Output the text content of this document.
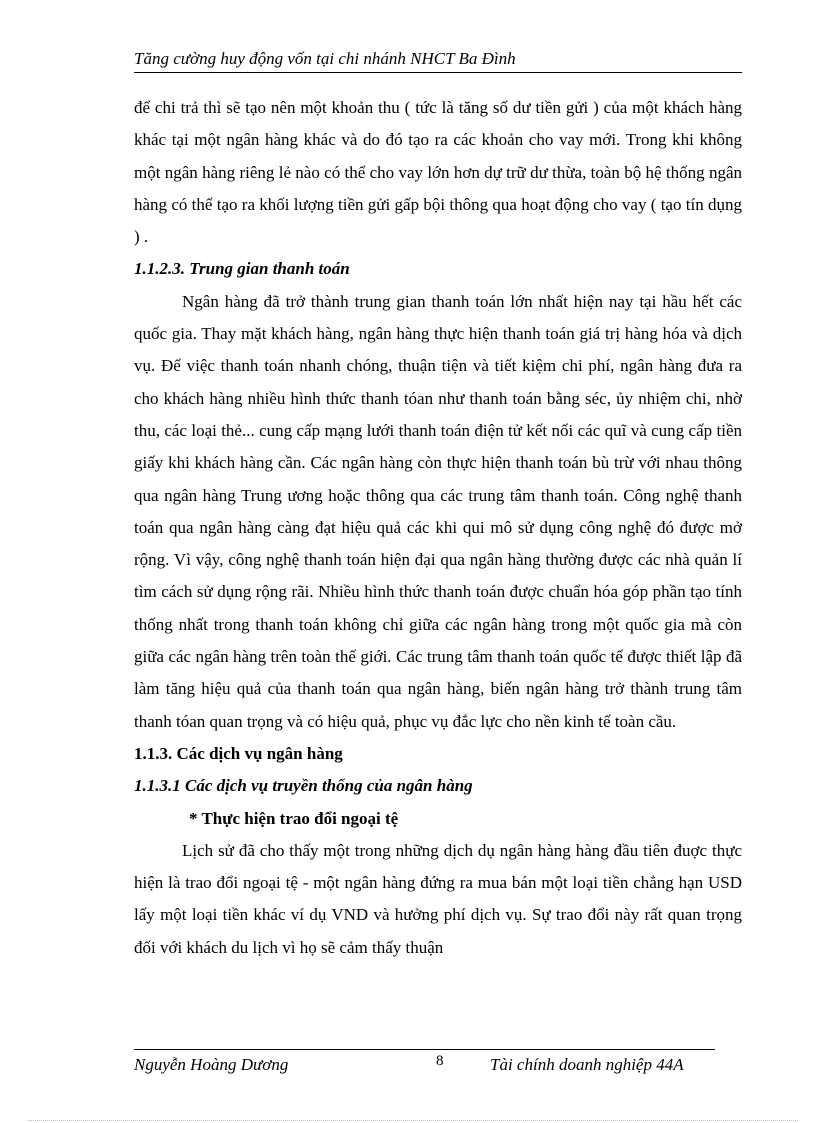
Tăng cường huy động vốn tại chi nhánh NHCT Ba Đình

để chi trả thì sẽ tạo nên một khoản thu ( tức là tăng số dư tiền gửi ) của một khách hàng khác tại một ngân hàng khác và do đó tạo ra các khoản cho vay mới. Trong khi không một ngân hàng riêng lẻ nào có thể cho vay lớn hơn dự trữ dư thừa, toàn bộ hệ thống ngân hàng có thể tạo ra khối lượng tiền gửi gấp bội thông qua hoạt động cho vay ( tạo tín dụng ) .

1.1.2.3. Trung gian thanh toán

Ngân hàng đã trở thành trung gian thanh toán lớn nhất hiện nay tại hầu hết các quốc gia. Thay mặt khách hàng, ngân hàng thực hiện thanh toán giá trị hàng hóa và dịch vụ. Để việc thanh toán nhanh chóng, thuận tiện và tiết kiệm chi phí, ngân hàng đưa ra cho khách hàng nhiều hình thức thanh tóan như thanh toán bằng séc, ủy nhiệm chi, nhờ thu, các loại thẻ... cung cấp mạng lưới thanh toán điện tử kết nối các quĩ và cung cấp tiền giấy khi khách hàng cần. Các ngân hàng còn thực hiện thanh toán bù trừ với nhau thông qua ngân hàng Trung ương hoặc thông qua các trung tâm thanh toán. Công nghệ thanh toán qua ngân hàng càng đạt hiệu quả các khi qui mô sử dụng công nghệ đó được mở rộng. Vì vậy, công nghệ thanh toán hiện đại qua ngân hàng thường được các nhà quản lí tìm cách sử dụng rộng rãi. Nhiều hình thức thanh toán được chuẩn hóa góp phần tạo tính thống nhất trong thanh toán không chỉ giữa các ngân hàng trong một quốc gia mà còn giữa các ngân hàng trên toàn thế giới. Các trung tâm thanh toán quốc tế được thiết lập đã làm tăng hiệu quả của thanh toán qua ngân hàng, biến ngân hàng trở thành trung tâm thanh tóan quan trọng và có hiệu quả, phục vụ đắc lực cho nền kinh tế toàn cầu.

1.1.3. Các dịch vụ ngân hàng

1.1.3.1 Các dịch vụ truyền thống của ngân hàng

* Thực hiện trao đổi ngoại tệ

Lịch sử đã cho thấy một trong những dịch dụ ngân hàng hàng đầu tiên đuợc thực hiện là trao đổi ngoại tệ - một ngân hàng đứng ra mua bán một loại tiền chẳng hạn USD lấy một loại tiền khác ví dụ VND và hưởng phí dịch vụ. Sự trao đổi này rất quan trọng đối với khách du lịch vì họ sẽ cảm thấy thuận

Nguyễn Hoàng Dương	8	Tài chính doanh nghiệp 44A
